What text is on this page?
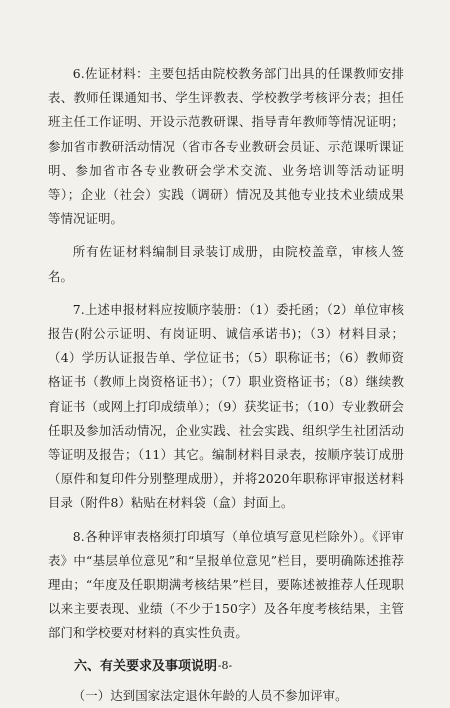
6.佐证材料：主要包括由院校教务部门出具的任课教师安排表、教师任课通知书、学生评教表、学校教学考核评分表；担任班主任工作证明、开设示范教研课、指导青年教师等情况证明；参加省市教研活动情况（省市各专业教研会员证、示范课听课证明、参加省市各专业教研会学术交流、业务培训等活动证明等）；企业（社会）实践（调研）情况及其他专业技术业绩成果等情况证明。

所有佐证材料编制目录装订成册，由院校盖章，审核人签名。

7.上述申报材料应按顺序装册：（1）委托函；（2）单位审核报告(附公示证明、有岗证明、诚信承诺书)；（3）材料目录；（4）学历认证报告单、学位证书；（5）职称证书；（6）教师资格证书（教师上岗资格证书）；（7）职业资格证书；（8）继续教育证书（或网上打印成绩单）；（9）获奖证书；（10）专业教研会任职及参加活动情况，企业实践、社会实践、组织学生社团活动等证明及报告；（11）其它。编制材料目录表，按顺序装订成册（原件和复印件分别整理成册），并将2020年职称评审报送材料目录（附件8）粘贴在材料袋（盒）封面上。

8.各种评审表格须打印填写（单位填写意见栏除外）。《评审表》中“基层单位意见”和“呈报单位意见”栏目，要明确陈述推荐理由；“年度及任职期满考核结果”栏目，要陈述被推荐人任现职以来主要表现、业绩（不少于150字）及各年度考核结果，主管部门和学校要对材料的真实性负责。

六、有关要求及事项说明

（一）达到国家法定退休年龄的人员不参加评审。

-8-
